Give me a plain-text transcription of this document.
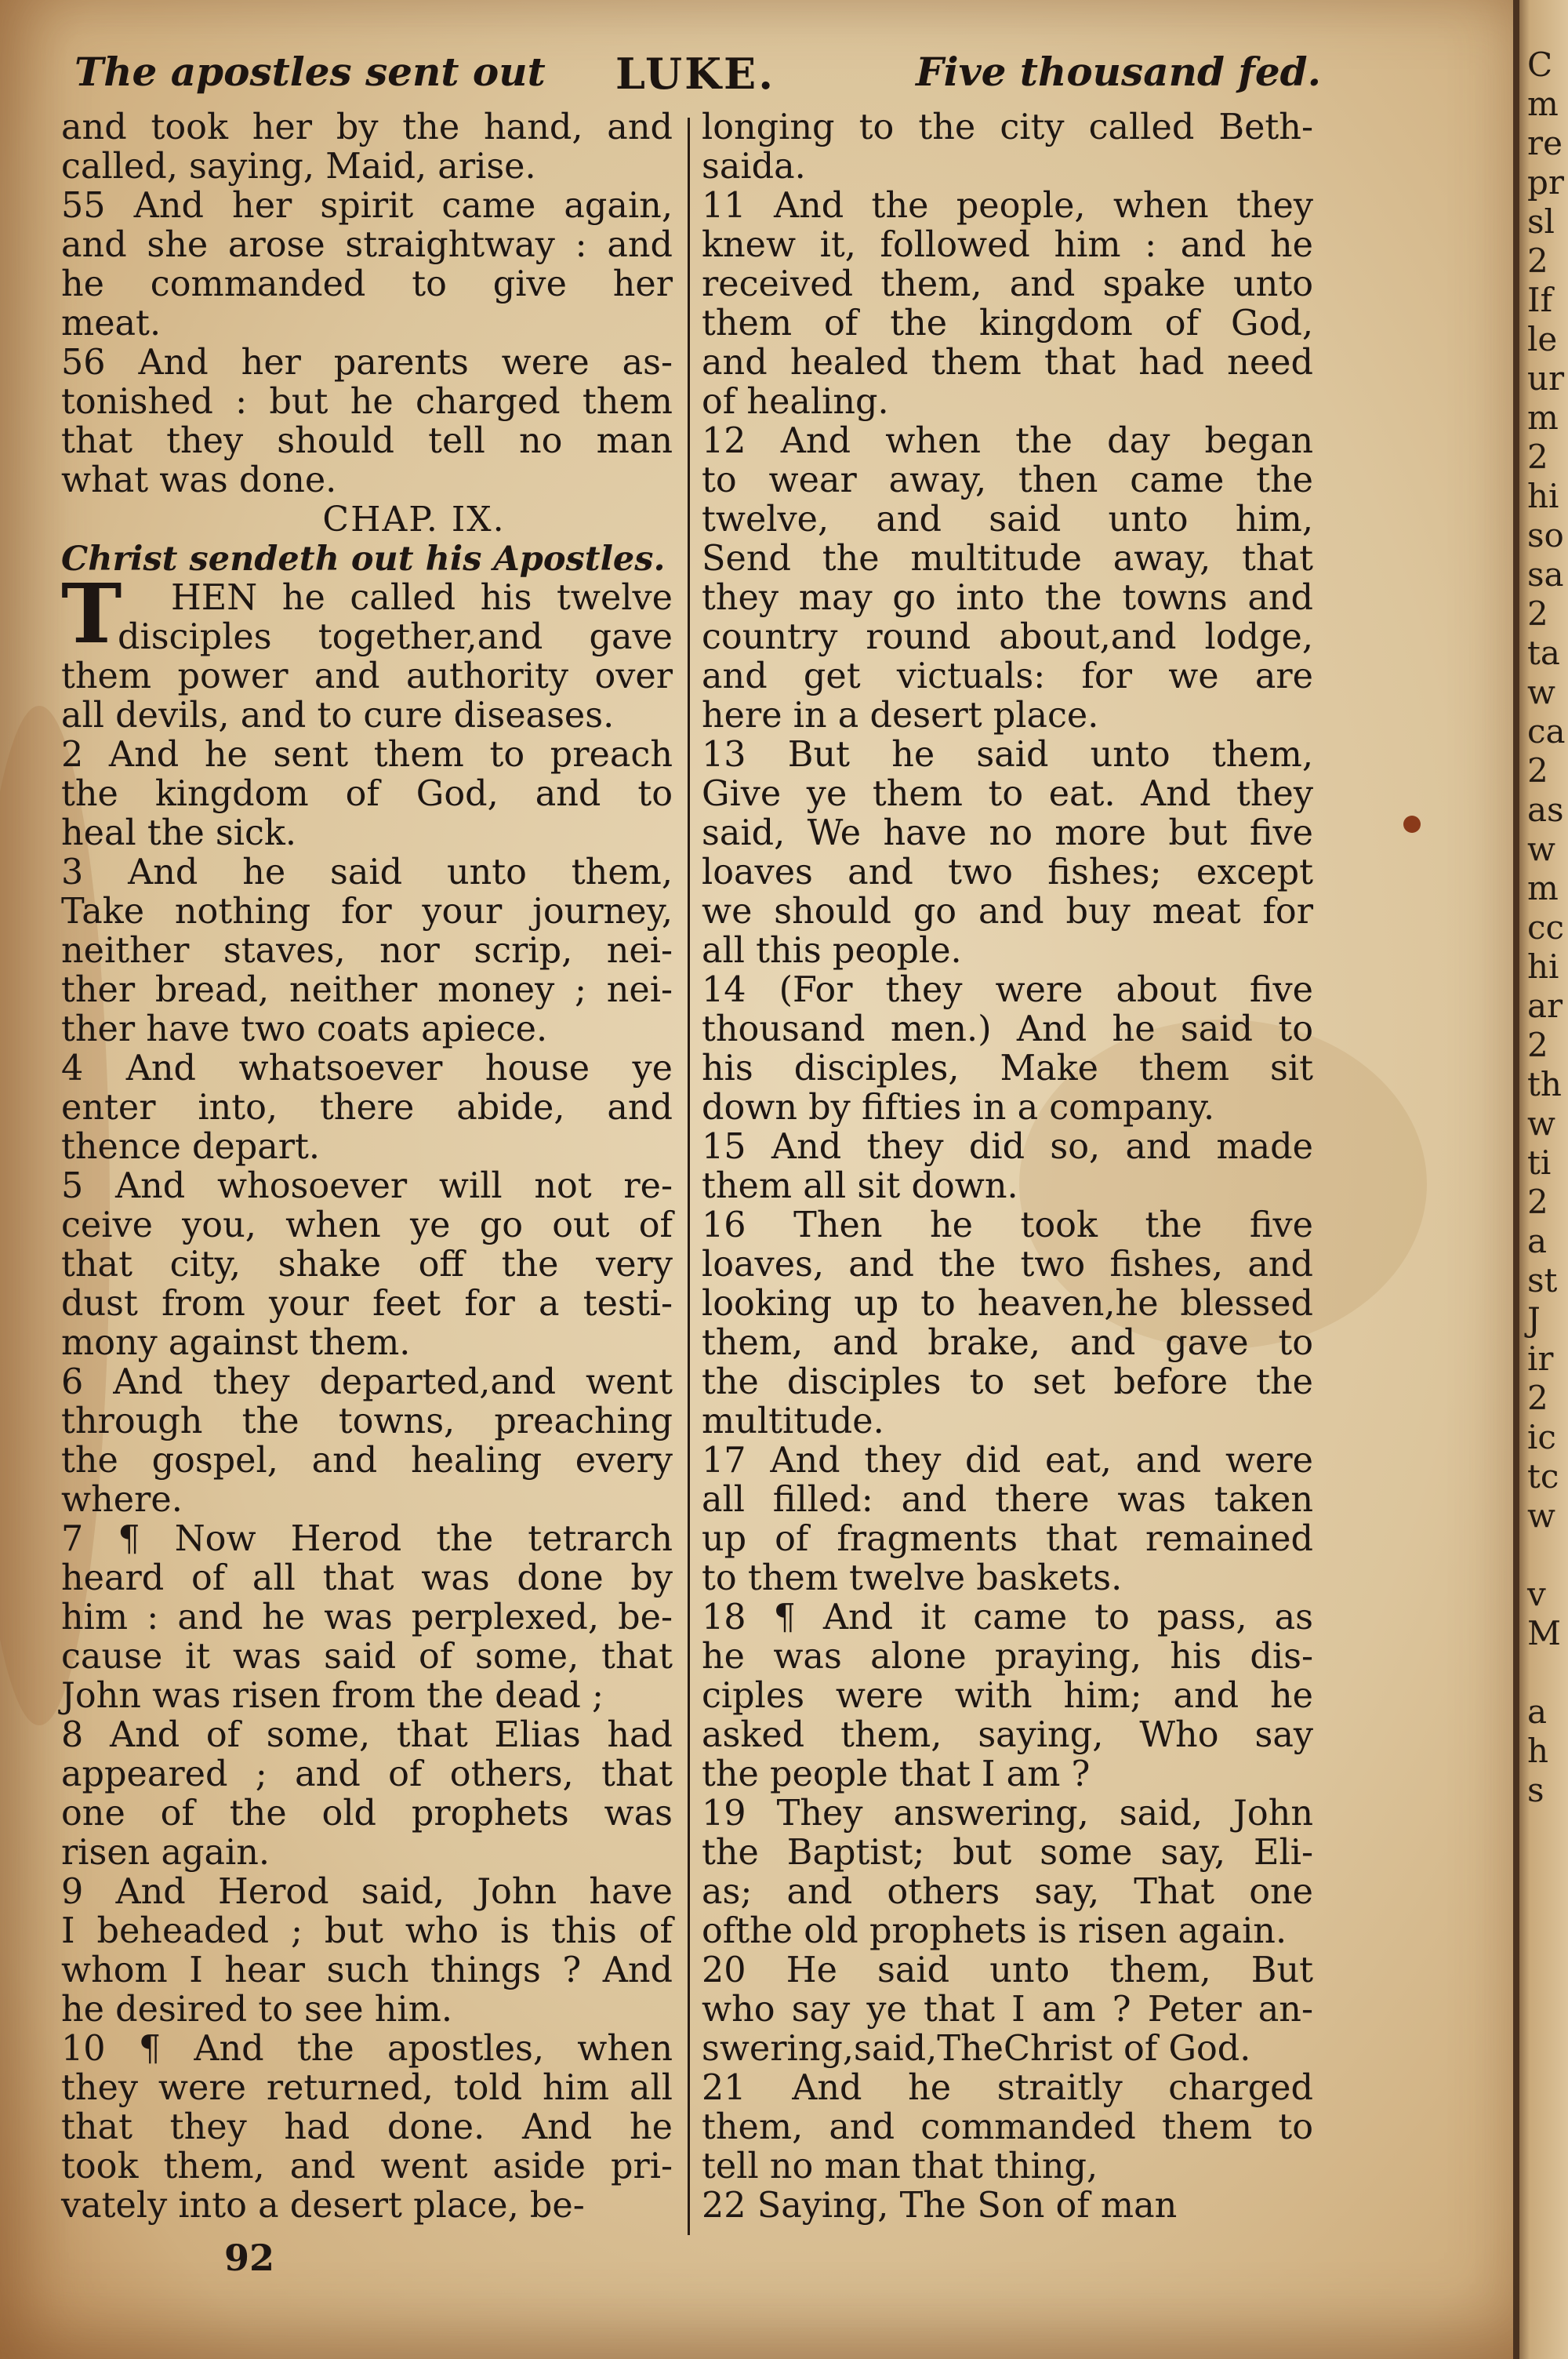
The apostles sent out LUKE.	Five thousand fed.
and took her by the hand, and
called, saying, Maid, arise.
55 And her spirit came again,
and she arose straightway : and
he commanded to give her
meat.
56 And her parents were as-
tonished : but he charged them
that they should tell no man
what was done.
CHAP. IX.
Christ sendeth out his Apostles.
T	HEN he called his twelve
disciples together,and gave
them power and authority over
all devils, and to cure diseases.
2 And he sent them to preach
the kingdom of God, and to
heal the sick.
3 And he said unto them,
Take nothing for your journey,
neither staves, nor scrip, nei-
ther bread, neither money ; nei-
ther have two coats apiece.
4 And whatsoever house ye
enter into, there abide, and
thence depart.
5 And whosoever will not re-
ceive you, when ye go out of
that city, shake off the very
dust from your feet for a testi-
mony against them.
6 And they departed,and went
through the towns, preaching
the gospel, and healing every
where.
7 ¶ Now Herod the tetrarch
heard of all that was done by
him : and he was perplexed, be-
cause it was said of some, that
John was risen from the dead ;
8 And of some, that Elias had
appeared ; and of others, that
one of the old prophets was
risen again.
9 And Herod said, John have
I beheaded ; but who is this of
whom I hear such things ? And
he desired to see him.
10 ¶ And the apostles, when
they were returned, told him all
that they had done. And he
took them, and went aside pri-
vately into a desert place, be-
longing to the city called Beth-
saida.
11 And the people, when they
knew it, followed him : and he
received them, and spake unto
them of the kingdom of God,
and healed them that had need
of healing.
12 And when the day began
to wear away, then came the
twelve, and said unto him,
Send the multitude away, that
they may go into the towns and
country round about,and lodge,
and get victuals: for we are
here in a desert place.
13 But he said unto them,
Give ye them to eat. And they
said, We have no more but five
loaves and two fishes; except
we should go and buy meat for
all this people.
14 (For they were about five
thousand men.) And he said to
his disciples, Make them sit
down by fifties in a company.
15 And they did so, and made
them all sit down.
16 Then he took the five
loaves, and the two fishes, and
looking up to heaven,he blessed
them, and brake, and gave to
the disciples to set before the
multitude.
17 And they did eat, and were
all filled: and there was taken
up of fragments that remained
to them twelve baskets.
18 ¶ And it came to pass, as
he was alone praying, his dis-
ciples were with him; and he
asked them, saying, Who say
the people that I am ?
19 They answering, said, John
the Baptist; but some say, Eli-
as; and others say, That one
ofthe old prophets is risen again.
20 He said unto them, But
who say ye that I am ? Peter an-
swering,said,TheChrist of God.
21 And he straitly charged
them, and commanded them to
tell no man that thing,
22 Saying, The Son of man
92
C
m
re
pr
sl
2
If
le
ur
m
2
hi
so
sa
2
ta
w
ca
2
as
w
m
cc
hi
ar
2
th
w
ti
2
a
st
J
ir
2
ic
tc
w
v
M
a
h
s
